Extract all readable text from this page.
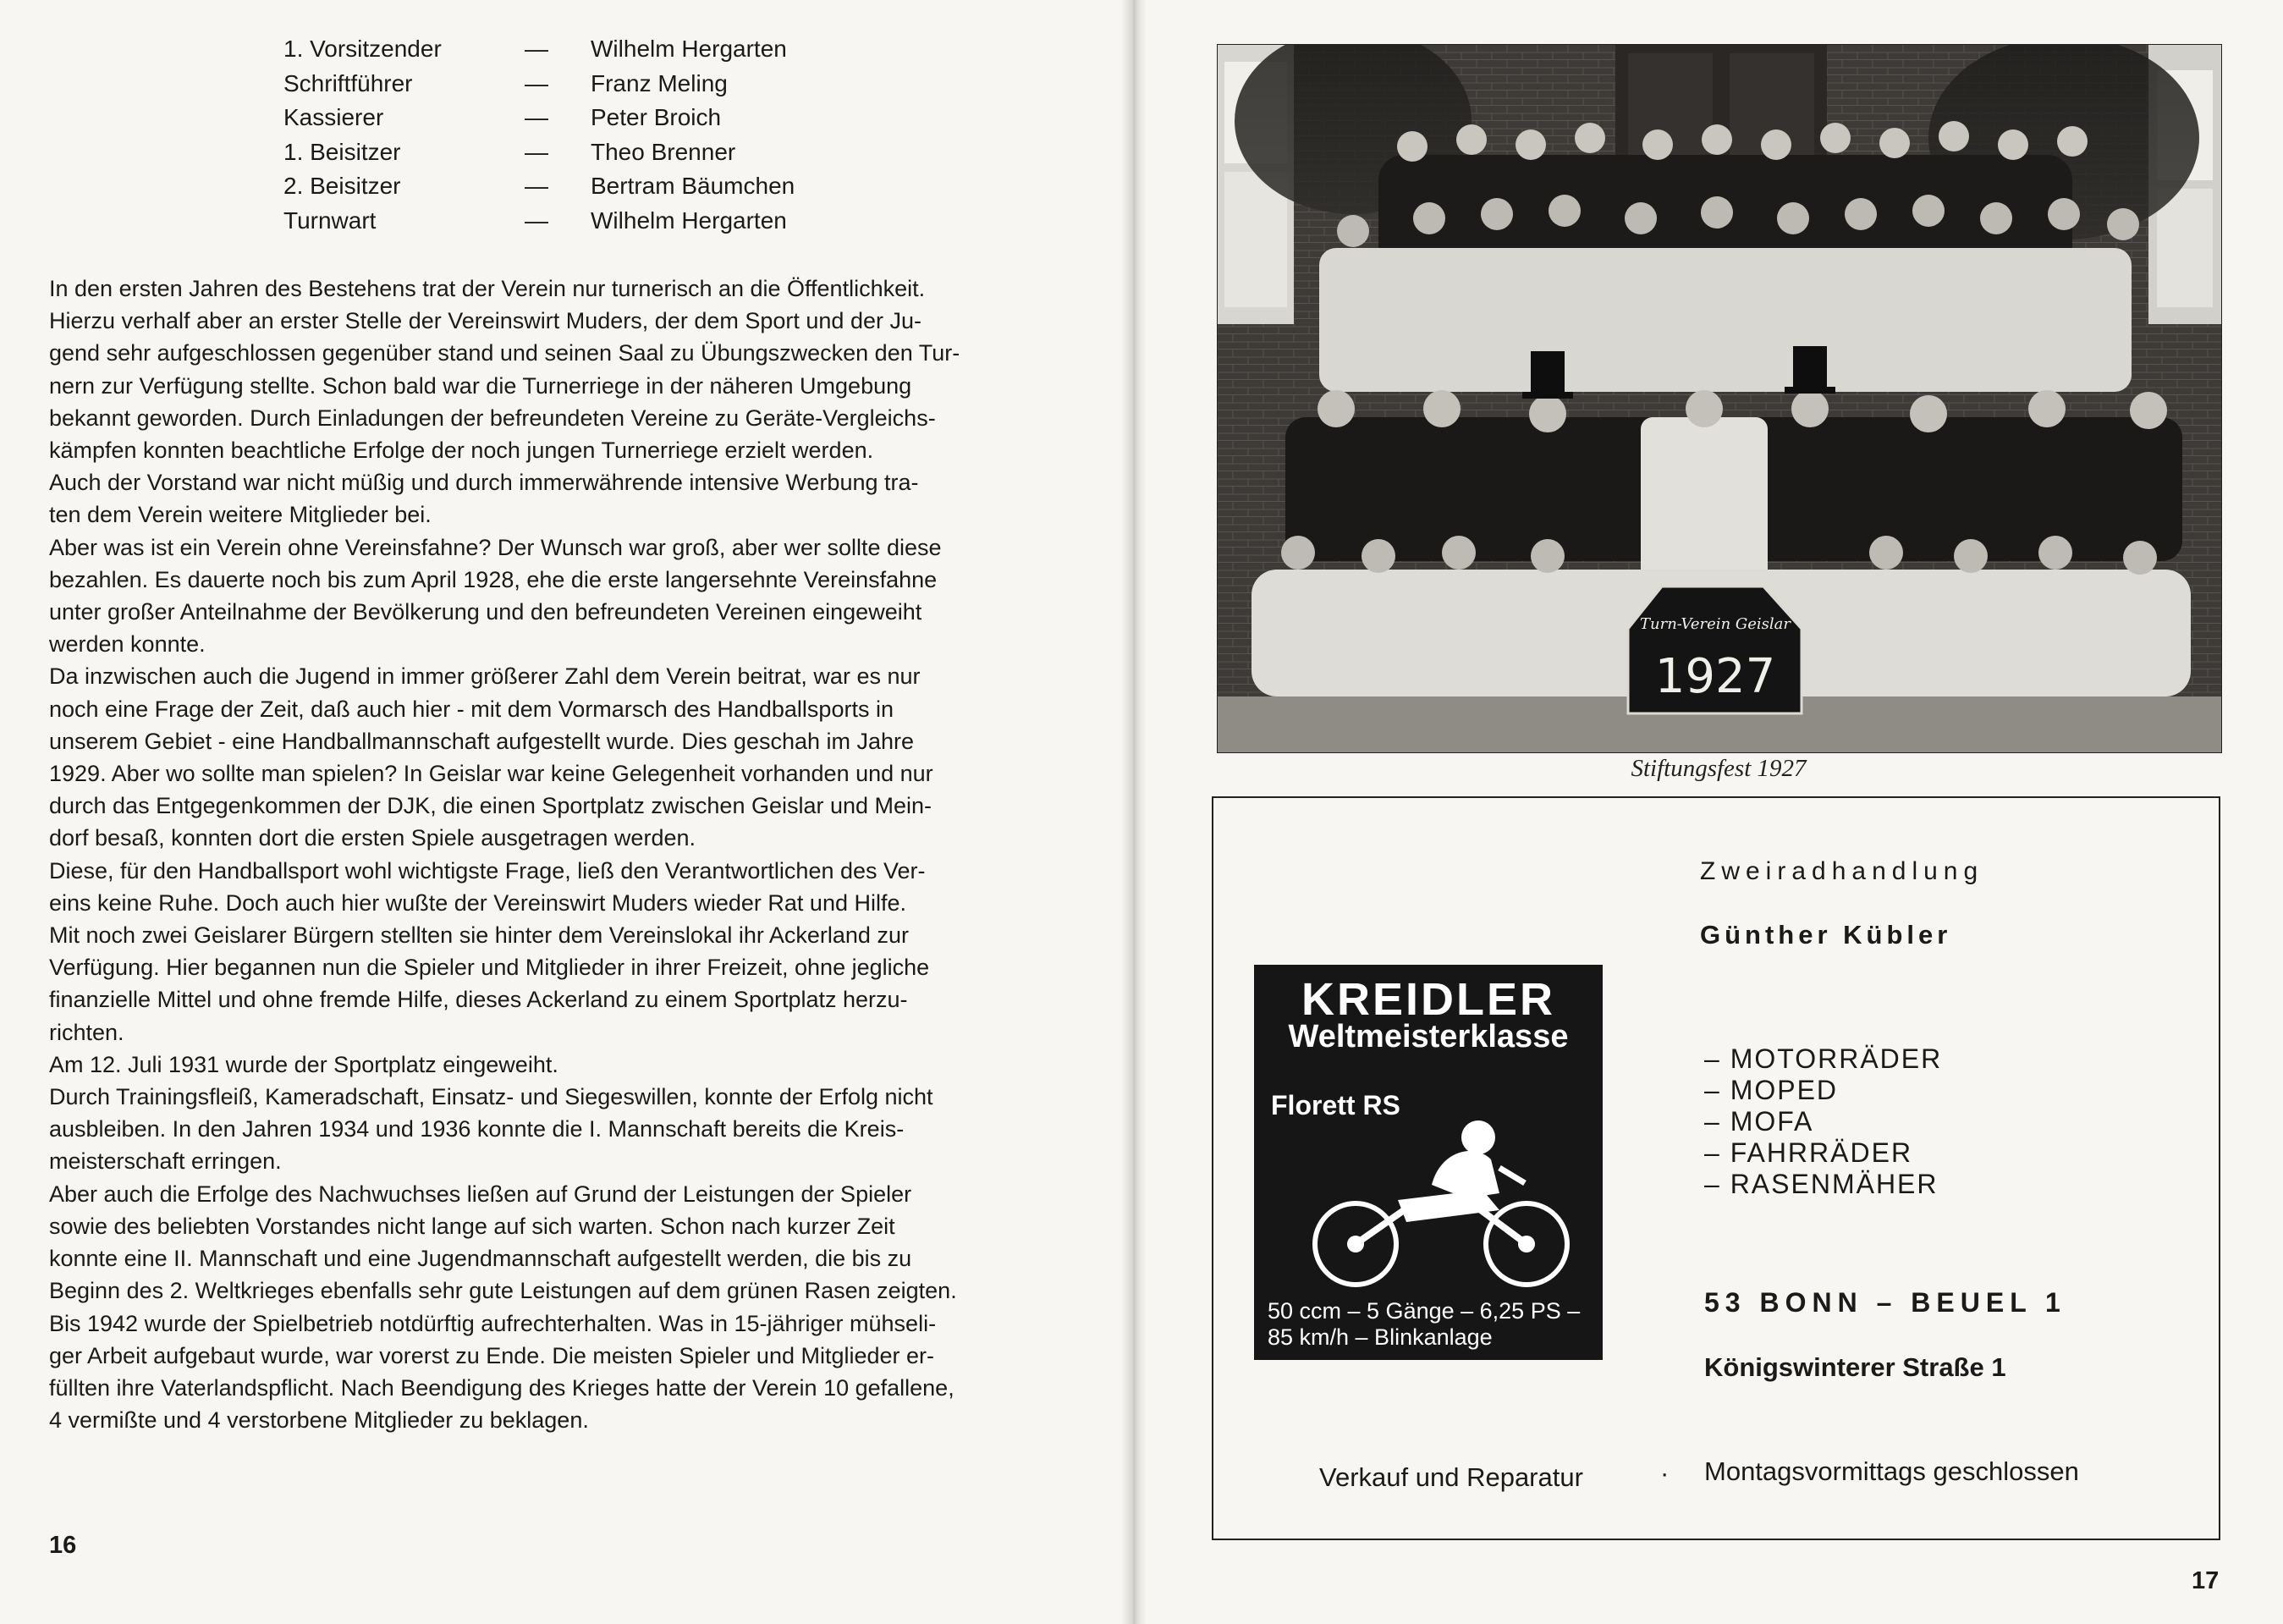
1. Vorsitzender	—	Wilhelm Hergarten
Schriftführer	—	Franz Meling
Kassierer	—	Peter Broich
1. Beisitzer	—	Theo Brenner
2. Beisitzer	—	Bertram Bäumchen
Turnwart	—	Wilhelm Hergarten

In den ersten Jahren des Bestehens trat der Verein nur turnerisch an die Öffentlichkeit.

Hierzu verhalf aber an erster Stelle der Vereinswirt Muders, der dem Sport und der Ju-

gend sehr aufgeschlossen gegenüber stand und seinen Saal zu Übungszwecken den Tur-

nern zur Verfügung stellte. Schon bald war die Turnerriege in der näheren Umgebung

bekannt geworden. Durch Einladungen der befreundeten Vereine zu Geräte-Vergleichs-

kämpfen konnten beachtliche Erfolge der noch jungen Turnerriege erzielt werden.

Auch der Vorstand war nicht müßig und durch immerwährende intensive Werbung tra-

ten dem Verein weitere Mitglieder bei.

Aber was ist ein Verein ohne Vereinsfahne? Der Wunsch war groß, aber wer sollte diese

bezahlen. Es dauerte noch bis zum April 1928, ehe die erste langersehnte Vereinsfahne

unter großer Anteilnahme der Bevölkerung und den befreundeten Vereinen eingeweiht

werden konnte.

Da inzwischen auch die Jugend in immer größerer Zahl dem Verein beitrat, war es nur

noch eine Frage der Zeit, daß auch hier - mit dem Vormarsch des Handballsports in

unserem Gebiet - eine Handballmannschaft aufgestellt wurde. Dies geschah im Jahre

1929. Aber wo sollte man spielen? In Geislar war keine Gelegenheit vorhanden und nur

durch das Entgegenkommen der DJK, die einen Sportplatz zwischen Geislar und Mein-

dorf besaß, konnten dort die ersten Spiele ausgetragen werden.

Diese, für den Handballsport wohl wichtigste Frage, ließ den Verantwortlichen des Ver-

eins keine Ruhe. Doch auch hier wußte der Vereinswirt Muders wieder Rat und Hilfe.

Mit noch zwei Geislarer Bürgern stellten sie hinter dem Vereinslokal ihr Ackerland zur

Verfügung. Hier begannen nun die Spieler und Mitglieder in ihrer Freizeit, ohne jegliche

finanzielle Mittel und ohne fremde Hilfe, dieses Ackerland zu einem Sportplatz herzu-

richten.

Am 12. Juli 1931 wurde der Sportplatz eingeweiht.

Durch Trainingsfleiß, Kameradschaft, Einsatz- und Siegeswillen, konnte der Erfolg nicht

ausbleiben. In den Jahren 1934 und 1936 konnte die I. Mannschaft bereits die Kreis-

meisterschaft erringen.

Aber auch die Erfolge des Nachwuchses ließen auf Grund der Leistungen der Spieler

sowie des beliebten Vorstandes nicht lange auf sich warten. Schon nach kurzer Zeit

konnte eine II. Mannschaft und eine Jugendmannschaft aufgestellt werden, die bis zu

Beginn des 2. Weltkrieges ebenfalls sehr gute Leistungen auf dem grünen Rasen zeigten.

Bis 1942 wurde der Spielbetrieb notdürftig aufrechterhalten. Was in 15-jähriger mühseli-

ger Arbeit aufgebaut wurde, war vorerst zu Ende. Die meisten Spieler und Mitglieder er-

füllten ihre Vaterlandspflicht. Nach Beendigung des Krieges hatte der Verein 10 gefallene,

4 vermißte und 4 verstorbene Mitglieder zu beklagen.

16
Turn-Verein Geislar
1927
Stiftungsfest 1927
KREIDLER
Weltmeisterklasse
Florett RS
50 ccm – 5 Gänge – 6,25 PS –
85 km/h – Blinkanlage
Zweiradhandlung
Günther Kübler
– MOTORRÄDER
– MOPED
– MOFA
– FAHRRÄDER
– RASENMÄHER
53 BONN – BEUEL 1
Königswinterer Straße 1
Verkauf und Reparatur	· Montagsvormittags geschlossen
17
